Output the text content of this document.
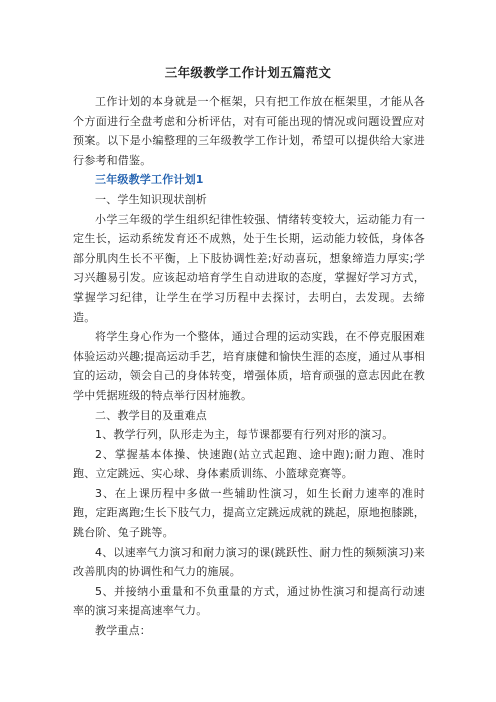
三年级教学工作计划五篇范文

工作计划的本身就是一个框架，只有把工作放在框架里，才能从各个方面进行全盘考虑和分析评估，对有可能出现的情况或问题设置应对预案。以下是小编整理的三年级教学工作计划，希望可以提供给大家进行参考和借鉴。

三年级教学工作计划1

一、学生知识现状剖析

小学三年级的学生组织纪律性较强、情绪转变较大，运动能力有一定生长，运动系统发育还不成熟，处于生长期，运动能力较低，身体各部分肌肉生长不平衡，上下肢协调性差;好动喜玩，想象缔造力厚实;学习兴趣易引发。应该起动培育学生自动进取的态度，掌握好学习方式，掌握学习纪律，让学生在学习历程中去探讨，去明白，去发现。去缔造。

将学生身心作为一个整体，通过合理的运动实践，在不停克服困难体验运动兴趣;提高运动手艺，培育康健和愉快生涯的态度，通过从事相宜的运动，领会自己的身体转变，增强体质，培育顽强的意志因此在教学中凭据班级的特点举行因材施教。

二、教学目的及重难点

1、教学行列，队形走为主，每节课都要有行列对形的演习。

2、掌握基本体操、快速跑(站立式起跑、途中跑);耐力跑、准时跑、立定跳远、实心球、身体素质训练、小篮球竞赛等。

3、在上课历程中多做一些辅助性演习，如生长耐力速率的准时跑，定距离跑;生长下肢气力，提高立定跳远成就的跳起，原地抱膝跳，跳台阶、兔子跳等。

4、以速率气力演习和耐力演习的课(跳跃性、耐力性的频频演习)来改善肌肉的协调性和气力的施展。

5、并接纳小重量和不负重量的方式，通过协性演习和提高行动速率的演习来提高速率气力。

教学重点：
